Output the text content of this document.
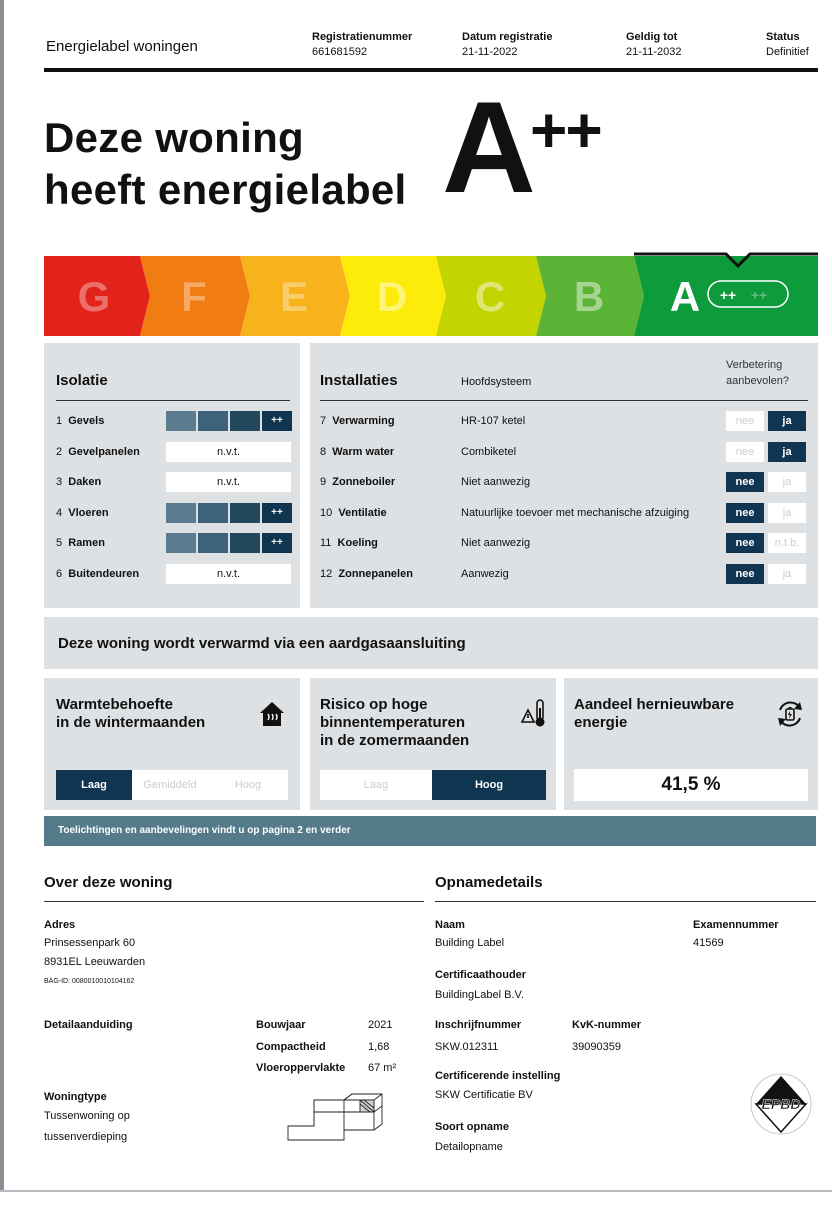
Energielabel woningen
Registratienummer
661681592
Datum registratie
21-11-2022
Geldig tot
21-11-2032
Status
Definitief
Deze woning
heeft energielabel A
++
G F E D C B A ++ ++
Isolatie
1 Gevels	++
2 Gevelpanelen	n.v.t.
3 Daken	n.v.t.
4 Vloeren	++
5 Ramen	++
6 Buitendeuren	n.v.t.
Installaties	Hoofdsysteem
Verbetering
aanbevolen?
7 Verwarming	HR-107 ketel	nee	ja
8 Warm water	Combiketel	nee	ja
9 Zonneboiler	Niet aanwezig	nee	ja
10 Ventilatie	Natuurlijke toevoer met mechanische afzuiging	nee	ja
11 Koeling	Niet aanwezig	nee	n.t.b.
12 Zonnepanelen	Aanwezig	nee	ja
Deze woning wordt verwarmd via een aardgasaansluiting
Warmtebehoefte
in de wintermaanden
Laag	Gemiddeld	Hoog
Risico op hoge
binnentemperaturen
in de zomermaanden
Laag	Hoog
Aandeel hernieuwbare
energie
41,5 %
Toelichtingen en aanbevelingen vindt u op pagina 2 en verder
Over deze woning
Adres
Prinsessenpark 60
8931EL Leeuwarden
BAG-ID: 0080010010104162
Detailaanduiding	Bouwjaar	2021
Compactheid	1,68
Vloeroppervlakte 67 m²
Woningtype
Tussenwoning op
tussenverdieping
Opnamedetails
Naam
Building Label
Examennummer
41569
Certificaathouder
BuildingLabel B.V.
Inschrijfnummer
SKW.012311
KvK-nummer
39090359
Certificerende instelling
SKW Certificatie BV
Soort opname
Detailopname
EPBD
